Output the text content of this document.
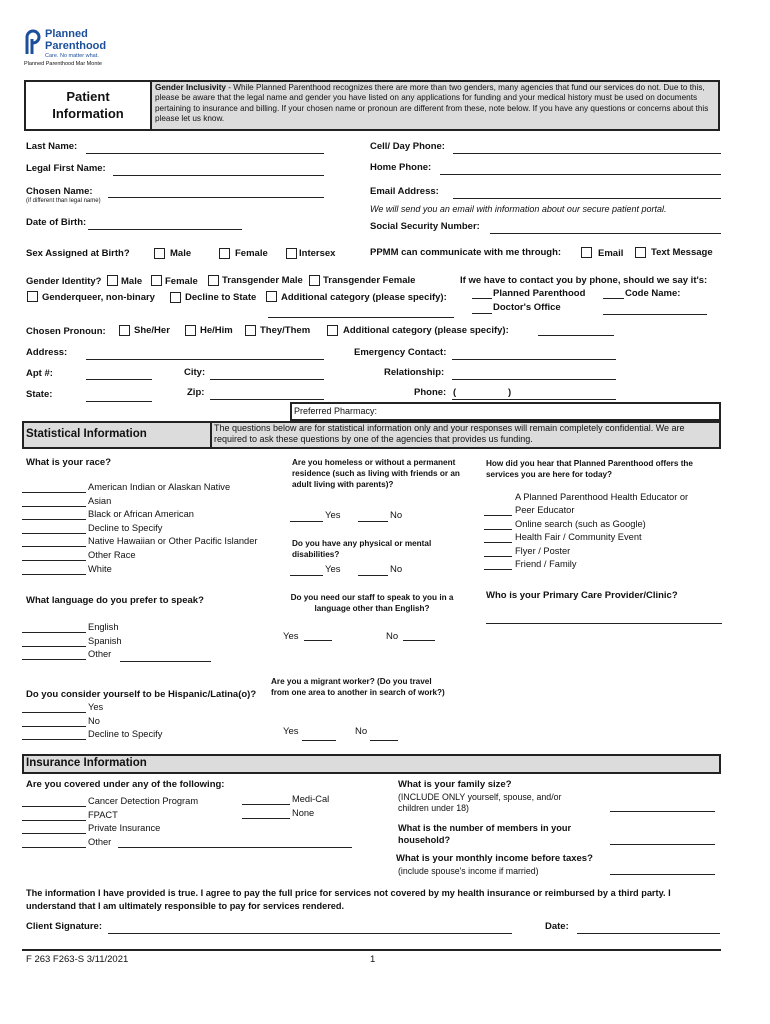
Planned
Parenthood
Care. No matter what.
Planned Parenthood Mar Monte
Patient
Information
Gender Inclusivity - While Planned Parenthood recognizes there are more than two genders, many agencies that fund our services do not. Due to this, please be aware that the legal name and gender you have listed on any applications for funding and your medical history must be used on documents pertaining to insurance and billing. If your chosen name or pronoun are different from these, note below. If you have any questions or concerns about this please let us know.
Last Name:	Cell/ Day Phone:
Legal First Name:	Home Phone:
Chosen Name:
(if different than legal name)
Email Address:
We will send you an email with information about our secure patient portal.
Date of Birth:	Social Security Number:
Sex Assigned at Birth?	Male	Female	Intersex	PPMM can communicate with me through:	Email	Text Message
Gender Identity? Male Female	Transgender Male Transgender Female
Genderqueer, non-binary	Decline to State	Additional category (please specify):
If we have to contact you by phone, should we say it's:
Planned Parenthood	Code Name:
Doctor's Office
Chosen Pronoun:	She/Her	He/Him	They/Them	Additional category (please specify):
Address:	Emergency Contact:
Apt #:	City:	Relationship:
State:	Zip:	Phone: (	)
Preferred Pharmacy:
Statistical Information	The questions below are for statistical information only and your responses will remain completely confidential. We are required to ask these questions by one of the agencies that provides us funding.
What is your race?
American Indian or Alaskan Native
Asian
Black or African American
Decline to Specify
Native Hawaiian or Other Pacific Islander
Other Race
White
Are you homeless or without a permanent residence (such as living with friends or an adult living with parents)?
Yes	No
Do you have any physical or mental disabilities?
Yes	No
How did you hear that Planned Parenthood offers the services you are here for today?
A Planned Parenthood Health Educator or
Peer Educator
Online search (such as Google)
Health Fair / Community Event
Flyer / Poster
Friend / Family
What language do you prefer to speak?
English
Spanish
Other
Do you need our staff to speak to you in a language other than English?
Yes	No
Who is your Primary Care Provider/Clinic?
Are you a migrant worker? (Do you travel from one area to another in search of work?)
Yes	No
Do you consider yourself to be Hispanic/Latina(o)?
Yes
No
Decline to Specify
Insurance Information
Are you covered under any of the following:
Cancer Detection Program
FPACT
Private Insurance
Other
Medi-Cal
None
What is your family size?
(INCLUDE ONLY yourself, spouse, and/or children under 18)
What is the number of members in your household?
What is your monthly income before taxes?
(include spouse's income if married)
The information I have provided is true. I agree to pay the full price for services not covered by my health insurance or reimbursed by a third party. I understand that I am ultimately responsible to pay for services rendered.
Client Signature:	Date:
F 263 F263-S 3/11/2021	1
